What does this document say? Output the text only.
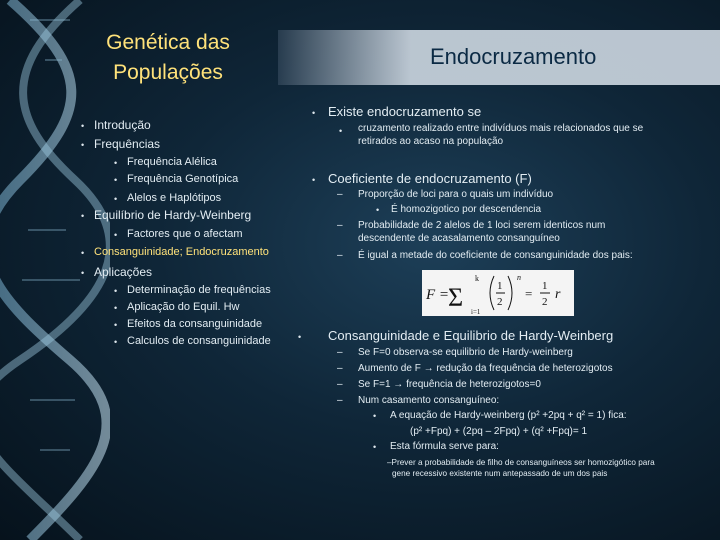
Genética das
Populações
• Introdução
• Frequências
• Frequência Alélica
• Frequência Genotípica
• Alelos e Haplótipos
• Equilíbrio de Hardy-Weinberg
• Factores que o afectam
• Consanguinidade; Endocruzamento
• Aplicações
• Determinação de frequências
• Aplicação do Equil. Hw
• Efeitos da consanguinidade
• Calculos de consanguinidade
Endocruzamento
• Existe endocruzamento se
• cruzamento realizado entre indivíduos mais relacionados que se
retirados ao acaso na população
• Coeficiente de endocruzamento (F)
– Proporção de loci para o quais um indivíduo
• É homozigotico por descendencia
– Probabilidade de 2 alelos de 1 loci serem identicos num
descendente de acasalamento consanguíneo
– É igual a metade do coeficiente de consanguinidade dos pais:
F =
k
Σ i=1
1
2
n
= 1
2 r
• Consanguinidade e Equilibrio de Hardy-Weinberg
– Se F=0 observa-se equilibrio de Hardy-weinberg
– Aumento de F → redução da frequência de heterozigotos
– Se F=1 → frequência de heterozigotos=0
– Num casamento consanguíneo:
• A equação de Hardy-weinberg (p² +2pq + q² = 1) fica:
(p² +Fpq) + (2pq – 2Fpq) + (q² +Fpq)= 1
• Esta fórmula serve para:
–Prever a probabilidade de filho de consanguíneos ser homozigótico para
gene recessivo existente num antepassado de um dos pais
